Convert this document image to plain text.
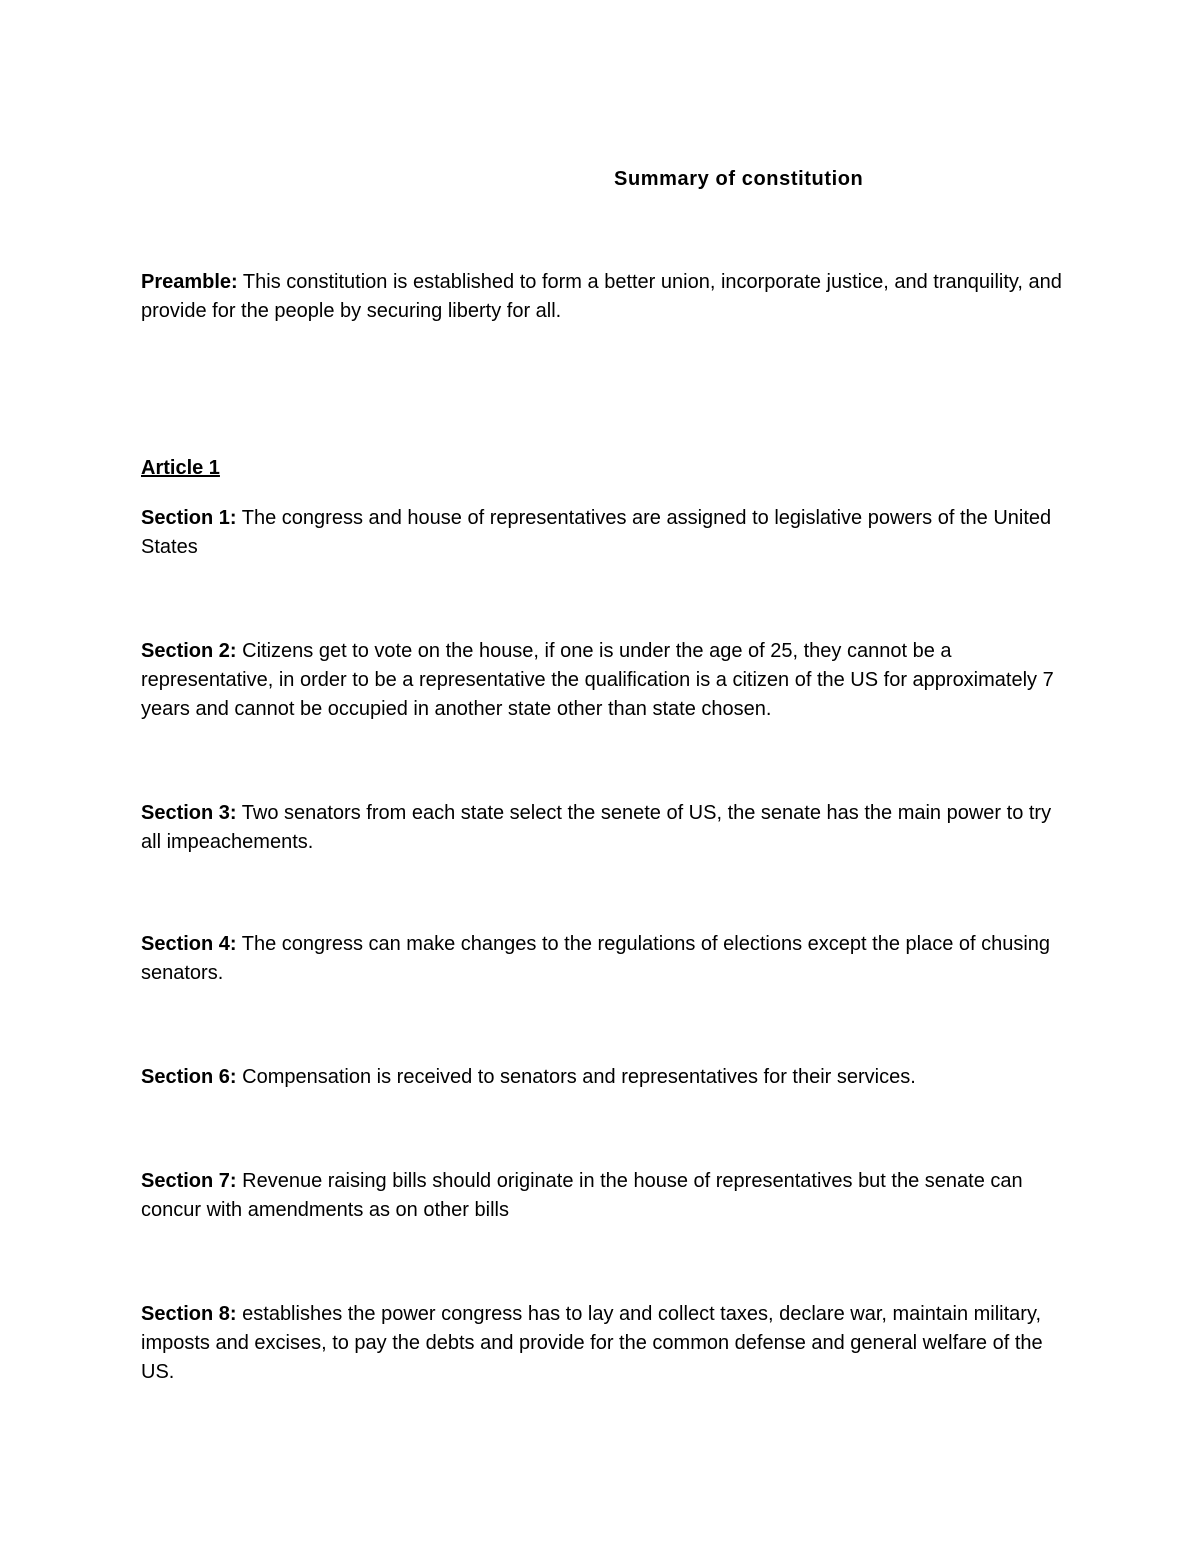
Summary of constitution

Preamble: This constitution is established to form a better union, incorporate justice, and tranquility, and provide for the people by securing liberty for all.

Article 1

Section 1: The congress and house of representatives are assigned to legislative powers of the United States

Section 2: Citizens get to vote on the house, if one is under the age of 25, they cannot be a representative, in order to be a representative the qualification is a citizen of the US for approximately 7 years and cannot be occupied in another state other than state chosen.

Section 3: Two senators from each state select the senete of US, the senate has the main power to try all impeachements.

Section 4: The congress can make changes to the regulations of elections except the place of chusing senators.

Section 6: Compensation is received to senators and representatives for their services.

Section 7: Revenue raising bills should originate in the house of representatives but the senate can concur with amendments as on other bills

Section 8: establishes the power congress has to lay and collect taxes, declare war, maintain military, imposts and excises, to pay the debts and provide for the common defense and general welfare of the US.
